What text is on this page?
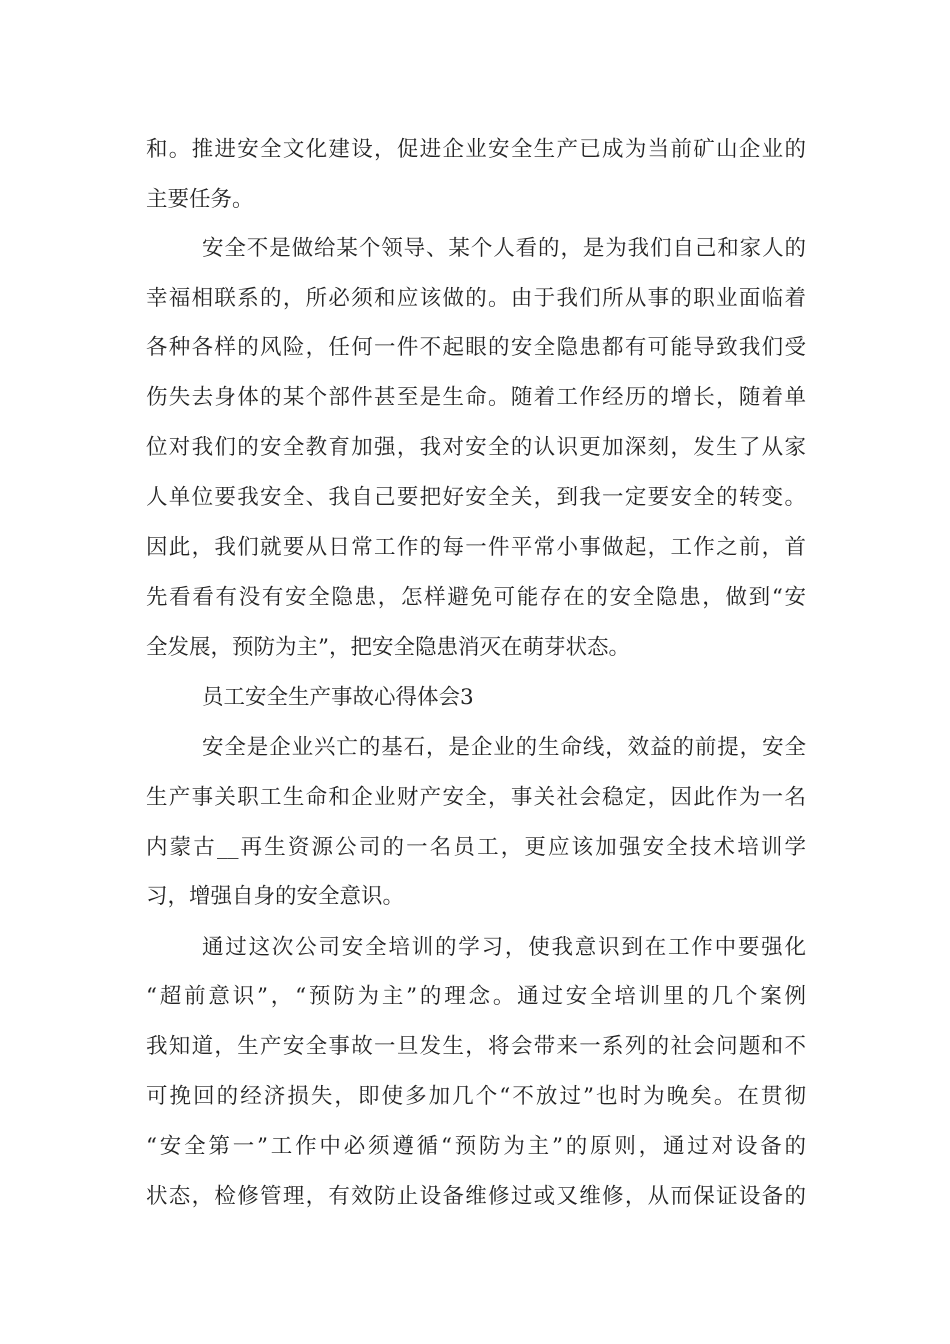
和。推进安全文化建设，促进企业安全生产已成为当前矿山企业的
主要任务。
安全不是做给某个领导、某个人看的，是为我们自己和家人的
幸福相联系的，所必须和应该做的。由于我们所从事的职业面临着
各种各样的风险，任何一件不起眼的安全隐患都有可能导致我们受
伤失去身体的某个部件甚至是生命。随着工作经历的增长，随着单
位对我们的安全教育加强，我对安全的认识更加深刻，发生了从家
人单位要我安全、我自己要把好安全关，到我一定要安全的转变。
因此，我们就要从日常工作的每一件平常小事做起，工作之前，首
先看看有没有安全隐患，怎样避免可能存在的安全隐患，做到“安
全发展，预防为主”，把安全隐患消灭在萌芽状态。
员工安全生产事故心得体会3
安全是企业兴亡的基石，是企业的生命线，效益的前提，安全
生产事关职工生命和企业财产安全，事关社会稳定，因此作为一名
内蒙古__再生资源公司的一名员工，更应该加强安全技术培训学
习，增强自身的安全意识。
通过这次公司安全培训的学习，使我意识到在工作中要强化
“超前意识”，“预防为主”的理念。通过安全培训里的几个案例
我知道，生产安全事故一旦发生，将会带来一系列的社会问题和不
可挽回的经济损失，即使多加几个“不放过”也时为晚矣。在贯彻
“安全第一”工作中必须遵循“预防为主”的原则，通过对设备的
状态，检修管理，有效防止设备维修过或又维修，从而保证设备的
